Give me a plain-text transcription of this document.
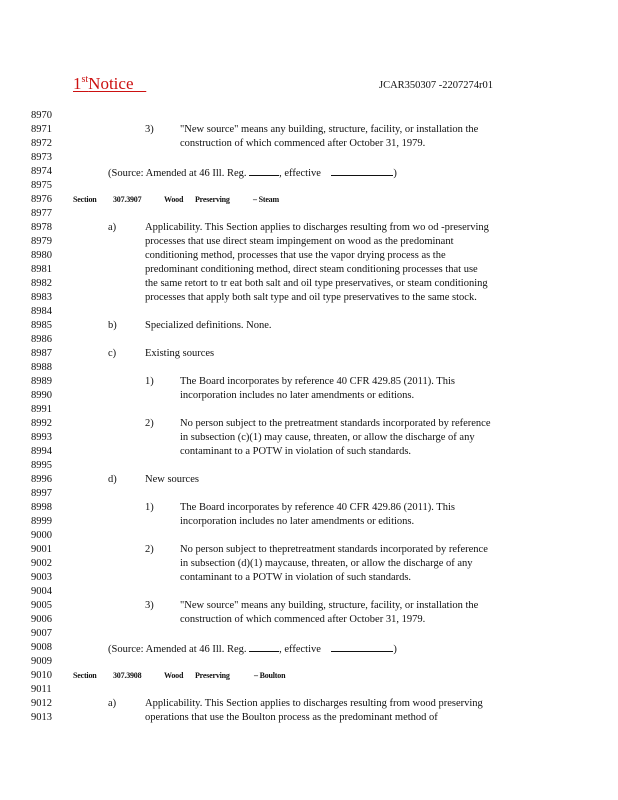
1stNotice	JCAR350307 -2207274r01
8970
8971
8972
8973
8974
8975
8976
8977
8978
8979
8980
8981
8982
8983
8984
8985
8986
8987
8988
8989
8990
8991
8992
8993
8994
8995
8996
8997
8998
8999
9000
9001
9002
9003
9004
9005
9006
9007
9008
9009
9010
9011
9012
9013
3)	"New source" means any building, structure, facility, or installation the
construction of which commenced after October 31, 1979.
(Source: Amended at 46 Ill. Reg.	, effective	)
Section 307.3907	Wood Preserving	– Steam
a)	Applicability. This Section applies to discharges resulting from wo od -preserving
processes that use direct steam impingement on wood as the predominant
conditioning method, processes that use the vapor drying process as the
predominant conditioning method, direct steam conditioning processes that use
the same retort to tr eat both salt and oil type preservatives, or steam conditioning
processes that apply both salt type and oil type preservatives to the same stock.
b)	Specialized definitions. None.
c)	Existing sources
1)	The Board incorporates by reference 40 CFR 429.85 (2011). This
incorporation includes no later amendments or editions.
2)	No person subject to the pretreatment standards incorporated by reference
in subsection (c)(1) may cause, threaten, or allow the discharge of any
contaminant to a POTW in violation of such standards.
d)	New sources
1)	The Board incorporates by reference 40 CFR 429.86 (2011). This
incorporation includes no later amendments or editions.
2)	No person subject to thepretreatment standards incorporated by reference
in subsection (d)(1) maycause, threaten, or allow the discharge of any
contaminant to a POTW in violation of such standards.
3)	"New source" means any building, structure, facility, or installation the
construction of which commenced after October 31, 1979.
(Source: Amended at 46 Ill. Reg.	, effective	)
Section 307.3908	Wood Preserving	– Boulton
a)	Applicability. This Section applies to discharges resulting from wood preserving
operations that use the Boulton process as the predominant method of
